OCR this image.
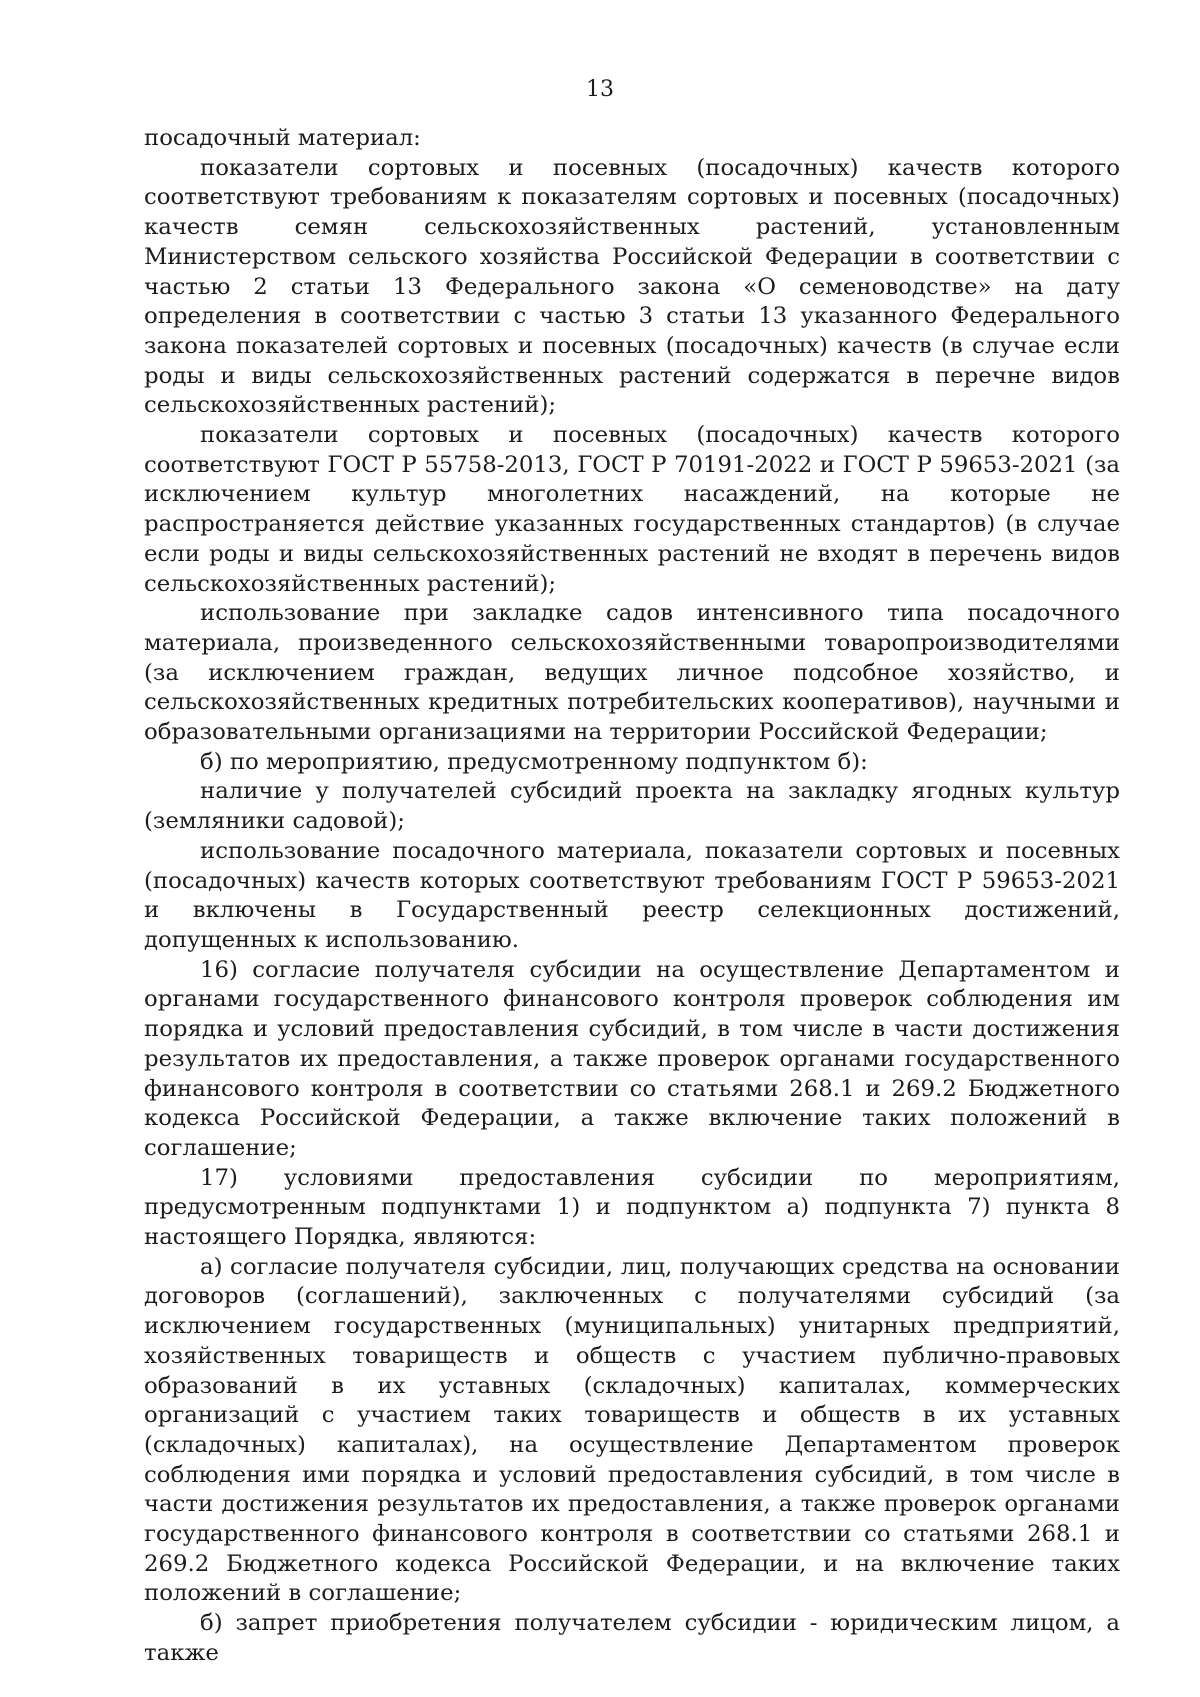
13

посадочный материал:

показатели сортовых и посевных (посадочных) качеств которого соответствуют требованиям к показателям сортовых и посевных (посадочных) качеств семян сельскохозяйственных растений, установленным Министерством сельского хозяйства Российской Федерации в соответствии с частью 2 статьи 13 Федерального закона «О семеноводстве» на дату определения в соответствии с частью 3 статьи 13 указанного Федерального закона показателей сортовых и посевных (посадочных) качеств (в случае если роды и виды сельскохозяйственных растений содержатся в перечне видов сельскохозяйственных растений);

показатели сортовых и посевных (посадочных) качеств которого соответствуют ГОСТ Р 55758-2013, ГОСТ Р 70191-2022 и ГОСТ Р 59653-2021 (за исключением культур многолетних насаждений, на которые не распространяется действие указанных государственных стандартов) (в случае если роды и виды сельскохозяйственных растений не входят в перечень видов сельскохозяйственных растений);

использование при закладке садов интенсивного типа посадочного материала, произведенного сельскохозяйственными товаропроизводителями (за исключением граждан, ведущих личное подсобное хозяйство, и сельскохозяйственных кредитных потребительских кооперативов), научными и образовательными организациями на территории Российской Федерации;

б) по мероприятию, предусмотренному подпунктом б):

наличие у получателей субсидий проекта на закладку ягодных культур (земляники садовой);

использование посадочного материала, показатели сортовых и посевных (посадочных) качеств которых соответствуют требованиям ГОСТ Р 59653-2021 и включены в Государственный реестр селекционных достижений, допущенных к использованию.

16) согласие получателя субсидии на осуществление Департаментом и органами государственного финансового контроля проверок соблюдения им порядка и условий предоставления субсидий, в том числе в части достижения результатов их предоставления, а также проверок органами государственного финансового контроля в соответствии со статьями 268.1 и 269.2 Бюджетного кодекса Российской Федерации, а также включение таких положений в соглашение;

17) условиями предоставления субсидии по мероприятиям, предусмотренным подпунктами 1) и подпунктом а) подпункта 7) пункта 8 настоящего Порядка, являются:

а) согласие получателя субсидии, лиц, получающих средства на основании договоров (соглашений), заключенных с получателями субсидий (за исключением государственных (муниципальных) унитарных предприятий, хозяйственных товариществ и обществ с участием публично-правовых образований в их уставных (складочных) капиталах, коммерческих организаций с участием таких товариществ и обществ в их уставных (складочных) капиталах), на осуществление Департаментом проверок соблюдения ими порядка и условий предоставления субсидий, в том числе в части достижения результатов их предоставления, а также проверок органами государственного финансового контроля в соответствии со статьями 268.1 и 269.2 Бюджетного кодекса Российской Федерации, и на включение таких положений в соглашение;

б) запрет приобретения получателем субсидии - юридическим лицом, а также
